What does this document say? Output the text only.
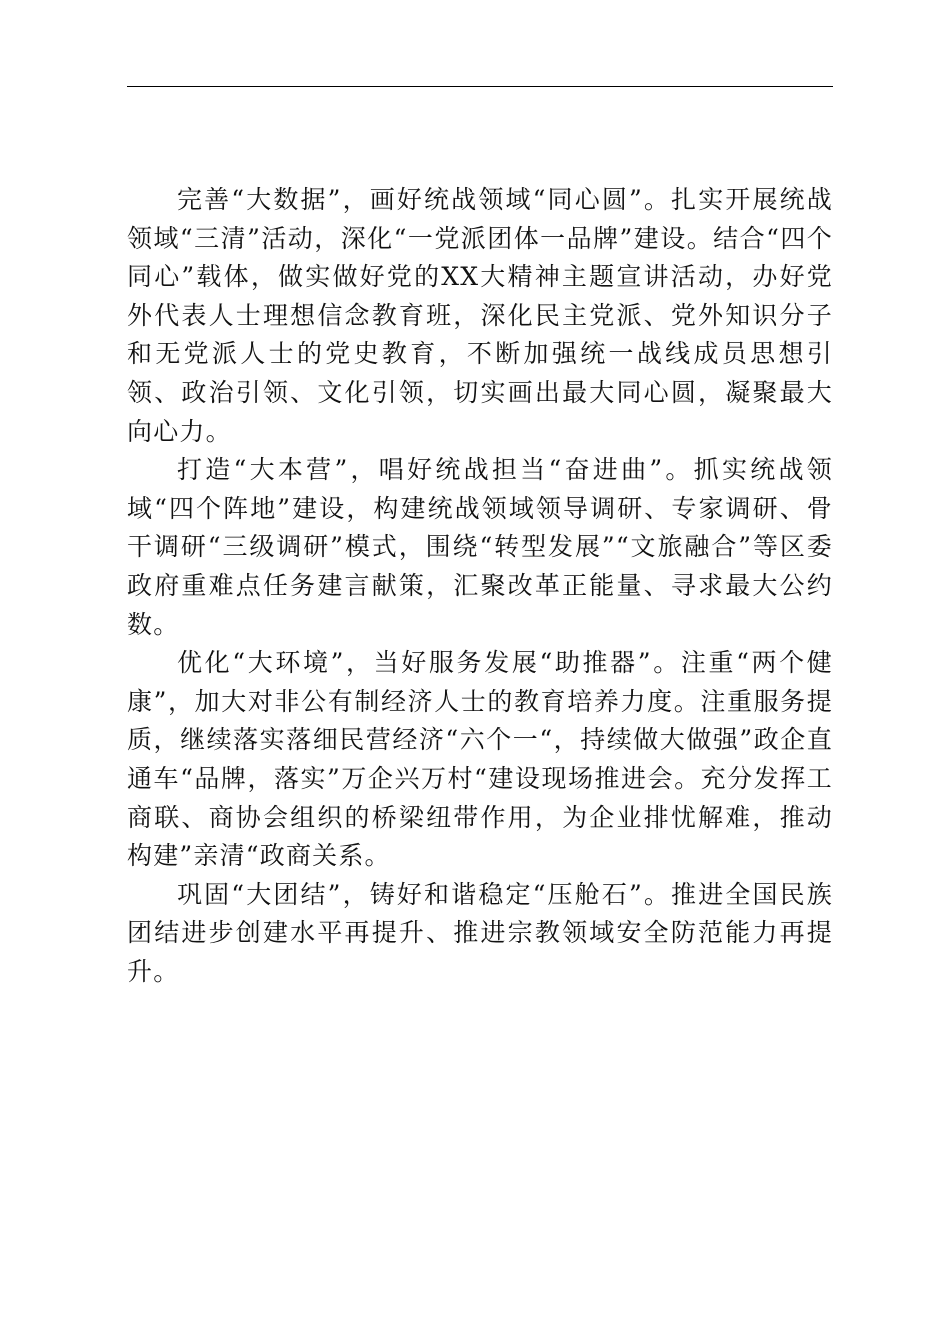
完善“大数据”，画好统战领域“同心圆”。扎实开展统战领域“三清”活动，深化“一党派团体一品牌”建设。结合“四个同心”载体，做实做好党的XX大精神主题宣讲活动，办好党外代表人士理想信念教育班，深化民主党派、党外知识分子和无党派人士的党史教育，不断加强统一战线成员思想引领、政治引领、文化引领，切实画出最大同心圆，凝聚最大向心力。

打造“大本营”，唱好统战担当“奋进曲”。抓实统战领域“四个阵地”建设，构建统战领域领导调研、专家调研、骨干调研“三级调研”模式，围绕“转型发展”“文旅融合”等区委政府重难点任务建言献策，汇聚改革正能量、寻求最大公约数。

优化“大环境”，当好服务发展“助推器”。注重“两个健康”，加大对非公有制经济人士的教育培养力度。注重服务提质，继续落实落细民营经济“六个一“，持续做大做强”政企直通车“品牌，落实”万企兴万村“建设现场推进会。充分发挥工商联、商协会组织的桥梁纽带作用，为企业排忧解难，推动构建”亲清“政商关系。

巩固“大团结”，铸好和谐稳定“压舱石”。推进全国民族团结进步创建水平再提升、推进宗教领域安全防范能力再提升。
